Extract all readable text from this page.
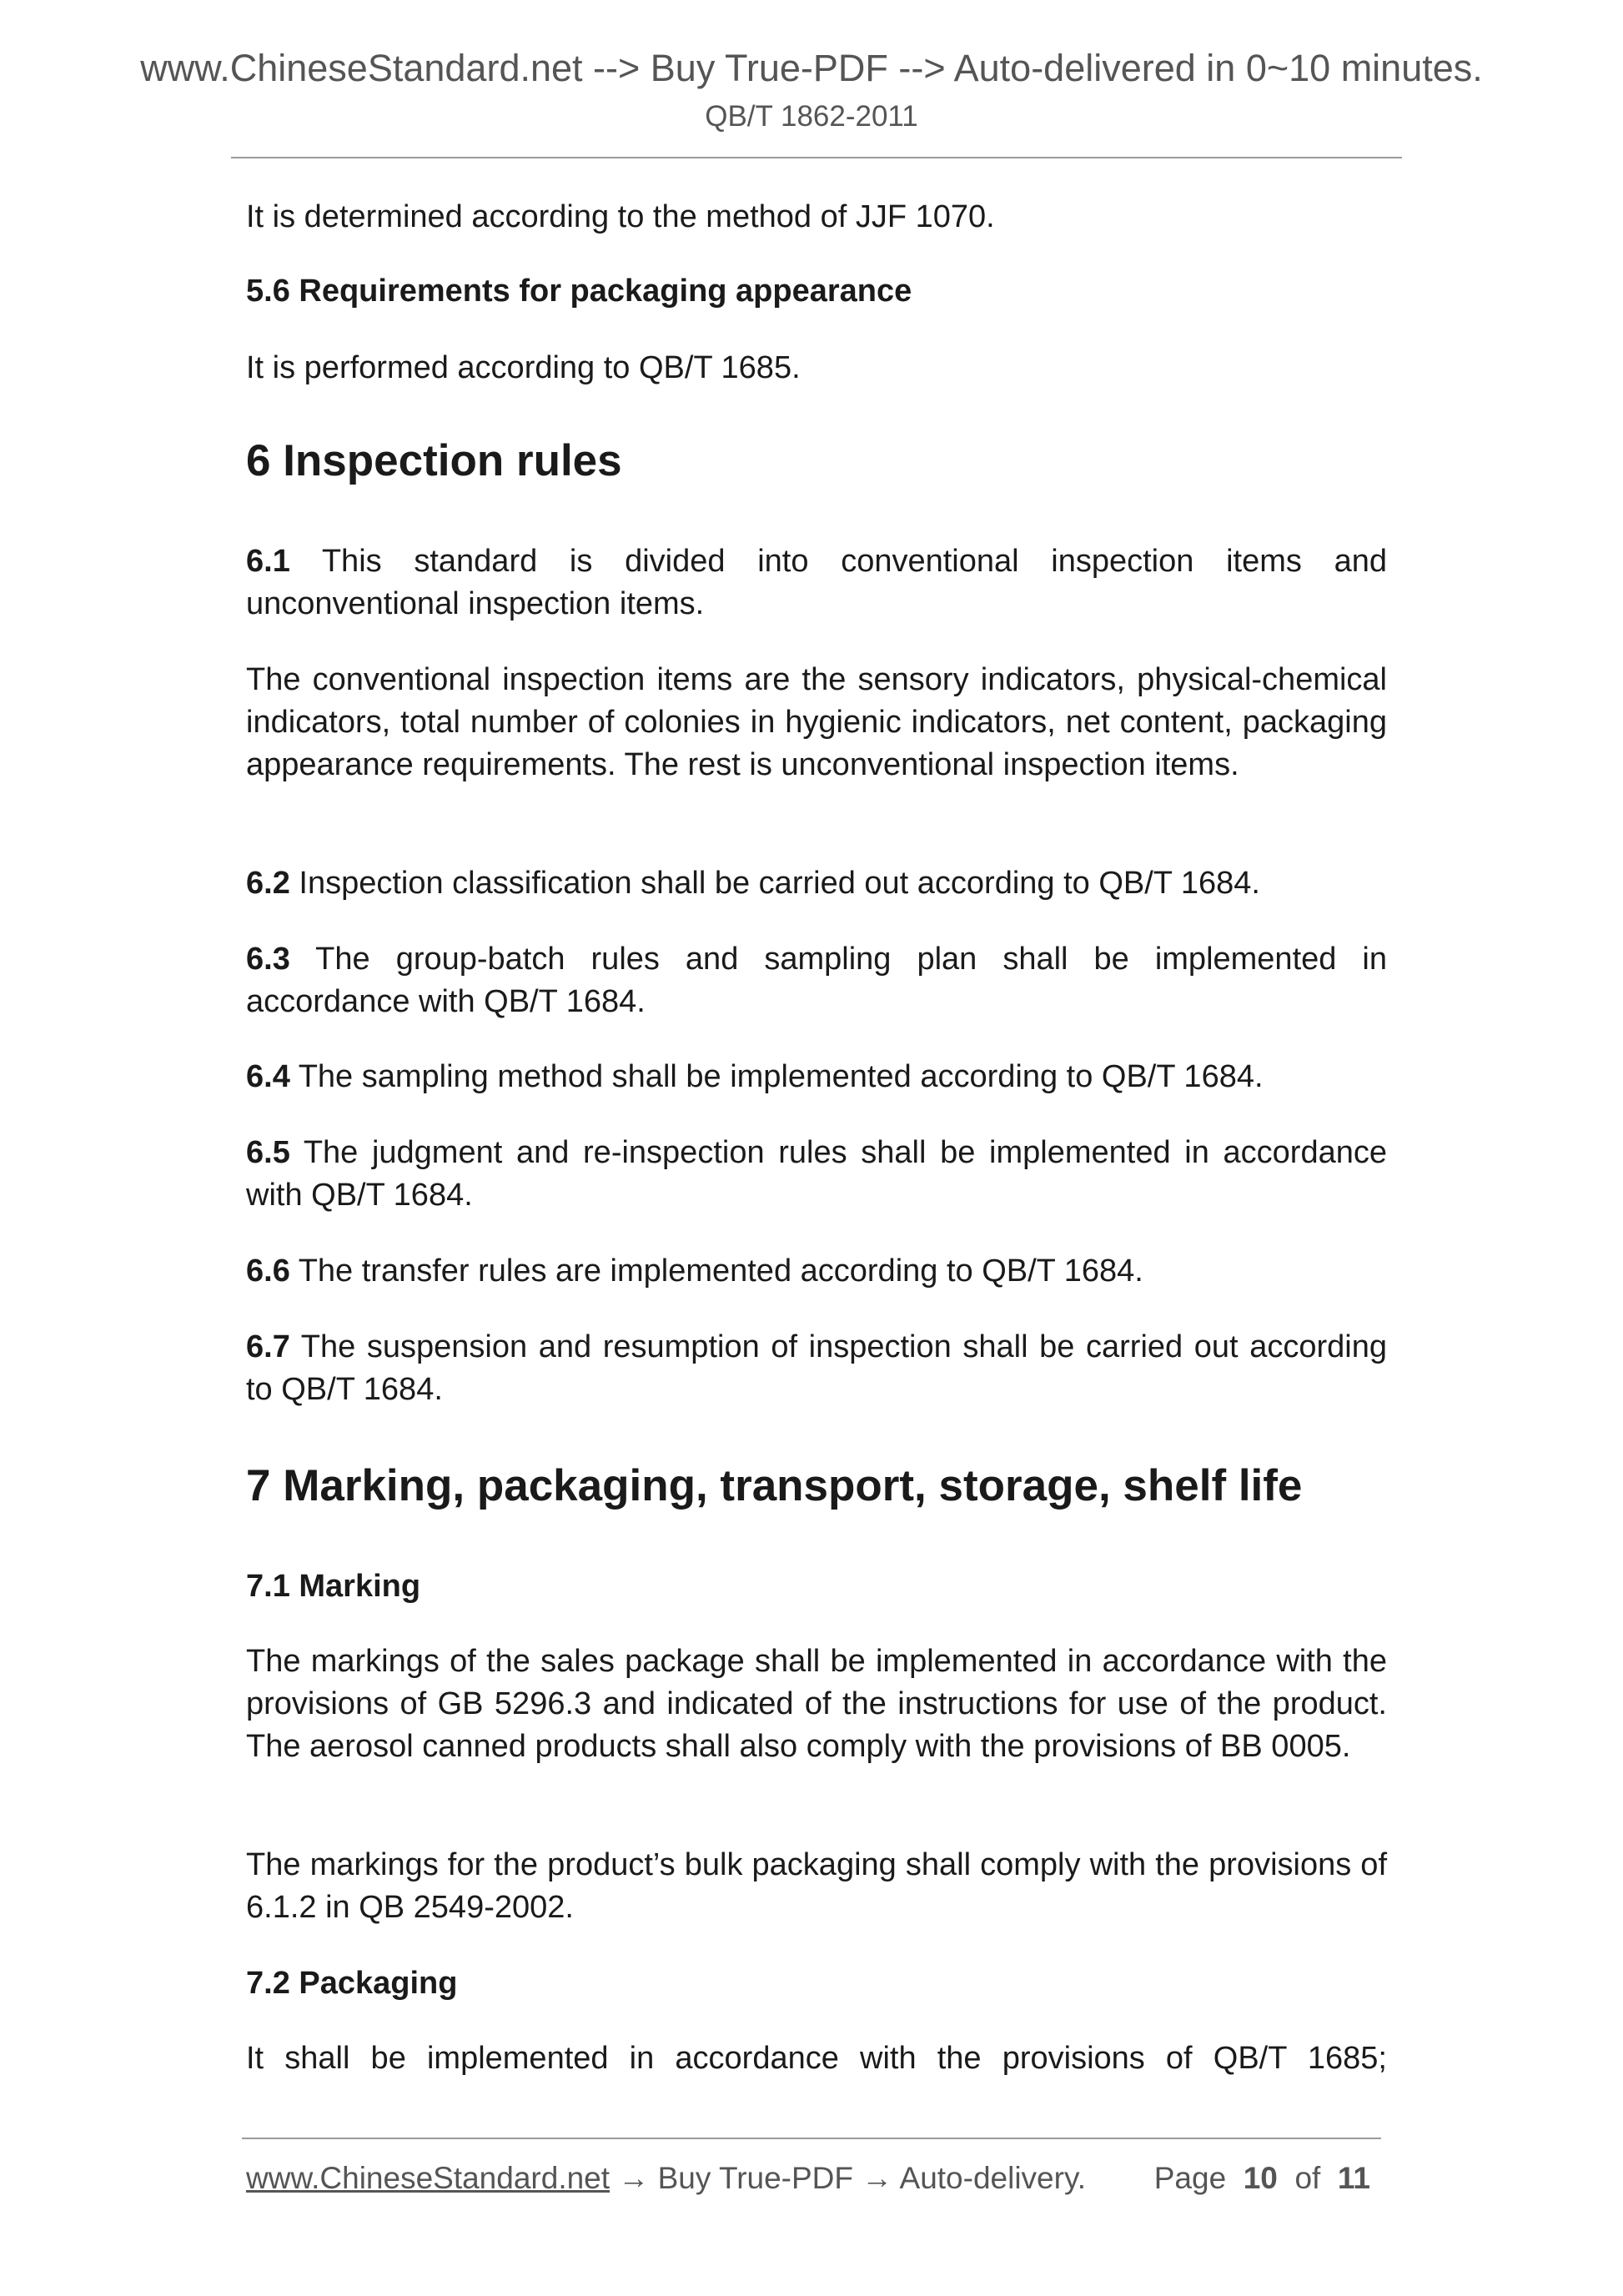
www.ChineseStandard.net --> Buy True-PDF --> Auto-delivered in 0~10 minutes.
QB/T 1862-2011

It is determined according to the method of JJF 1070.

5.6 Requirements for packaging appearance

It is performed according to QB/T 1685.

6 Inspection rules

6.1 This standard is divided into conventional inspection items and unconventional inspection items.

The conventional inspection items are the sensory indicators, physical-chemical indicators, total number of colonies in hygienic indicators, net content, packaging appearance requirements. The rest is unconventional inspection items.

6.2 Inspection classification shall be carried out according to QB/T 1684.

6.3 The group-batch rules and sampling plan shall be implemented in accordance with QB/T 1684.

6.4 The sampling method shall be implemented according to QB/T 1684.

6.5 The judgment and re-inspection rules shall be implemented in accordance with QB/T 1684.

6.6 The transfer rules are implemented according to QB/T 1684.

6.7 The suspension and resumption of inspection shall be carried out according to QB/T 1684.

7 Marking, packaging, transport, storage, shelf life

7.1 Marking

The markings of the sales package shall be implemented in accordance with the provisions of GB 5296.3 and indicated of the instructions for use of the product. The aerosol canned products shall also comply with the provisions of BB 0005.

The markings for the product’s bulk packaging shall comply with the provisions of 6.1.2 in QB 2549-2002.

7.2 Packaging

It shall be implemented in accordance with the provisions of QB/T 1685;

www.ChineseStandard.net → Buy True-PDF → Auto-delivery. Page 10 of 11
